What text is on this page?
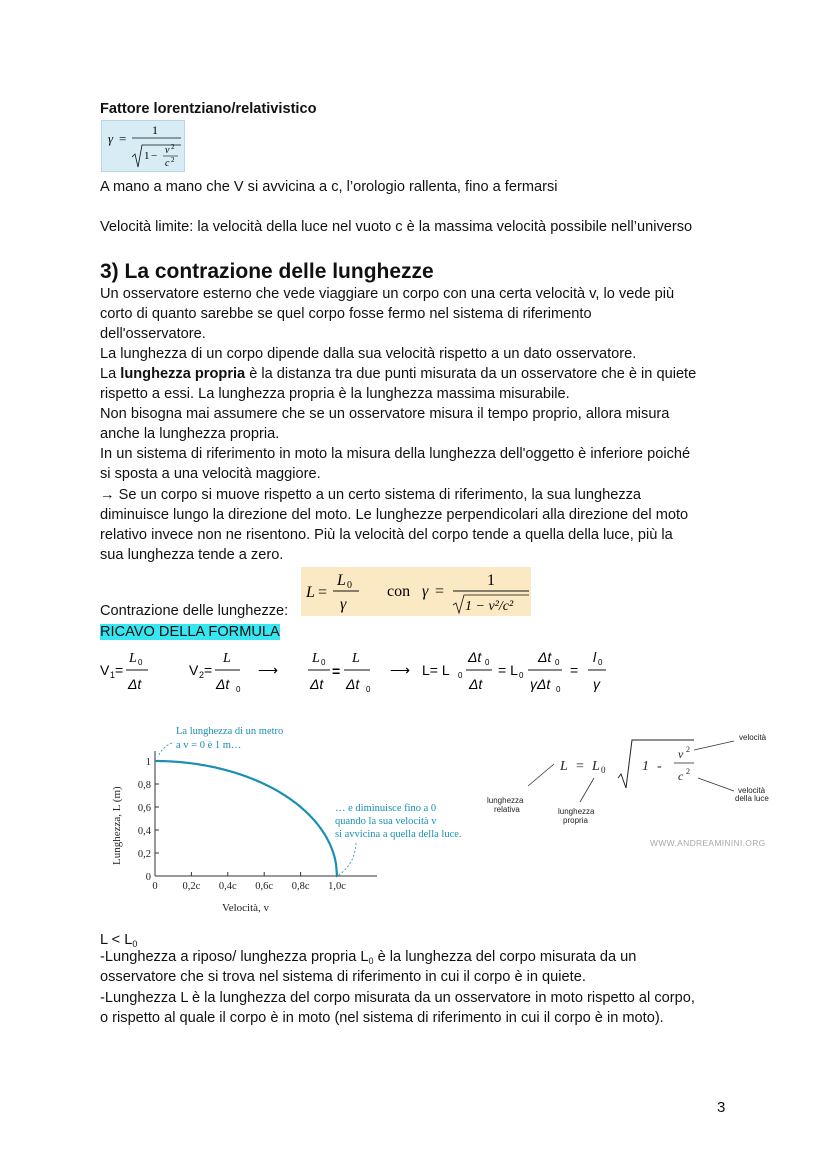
Fattore lorentziano/relativistico
γ =
1
1 − v 2
c 2
A mano a mano che V si avvicina a c, l’orologio rallenta, fino a fermarsi
Velocità limite: la velocità della luce nel vuoto c è la massima velocità possibile nell’universo
3) La contrazione delle lunghezze
Un osservatore esterno che vede viaggiare un corpo con una certa velocità v, lo vede più
corto di quanto sarebbe se quel corpo fosse fermo nel sistema di riferimento
dell'osservatore.
La lunghezza di un corpo dipende dalla sua velocità rispetto a un dato osservatore.
La lunghezza propria è la distanza tra due punti misurata da un osservatore che è in quiete
rispetto a essi. La lunghezza propria è la lunghezza massima misurabile.
Non bisogna mai assumere che se un osservatore misura il tempo proprio, allora misura
anche la lunghezza propria.
In un sistema di riferimento in moto la misura della lunghezza dell'oggetto è inferiore poiché
si sposta a una velocità maggiore.
→ Se un corpo si muove rispetto a un certo sistema di riferimento, la sua lunghezza
diminuisce lungo la direzione del moto. Le lunghezze perpendicolari alla direzione del moto
relativo invece non ne risentono. Più la velocità del corpo tende a quella della luce, più la
sua lunghezza tende a zero.
L =
L 0
γ
con γ =
1
1 − v²/c²
Contrazione delle lunghezze:
RICAVO DELLA FORMULA
V 1 =
L 0
Δt
V 2 =
L
Δt 0
⟶
L 0
Δt
=
L
Δt 0
⟶ L= L 0
Δt 0
Δt
= L 0
Δt 0
γΔt 0
=
l 0
γ
Lunghezza, L (m)
Velocità, v
La lunghezza di un metro
a v = 0 è 1 m…
… e diminuisce fino a 0
quando la sua velocità v
si avvicina a quella della luce.
0
0,2
0,4
0,6
0,8
1
0 0,2c 0,4c 0,6c 0,8c 1,0c
L = L 0	1 -
v 2
c 2
velocità
velocità
della luce
lunghezza
relativa	lunghezza
propria
WWW.ANDREAMININI.ORG
$L < L_0$
-Lunghezza a riposo/ lunghezza propria $L_0$ è la lunghezza del corpo misurata da un
osservatore che si trova nel sistema di riferimento in cui il corpo è in quiete.
-Lunghezza L è la lunghezza del corpo misurata da un osservatore in moto rispetto al corpo,
o rispetto al quale il corpo è in moto (nel sistema di riferimento in cui il corpo è in moto).
3
